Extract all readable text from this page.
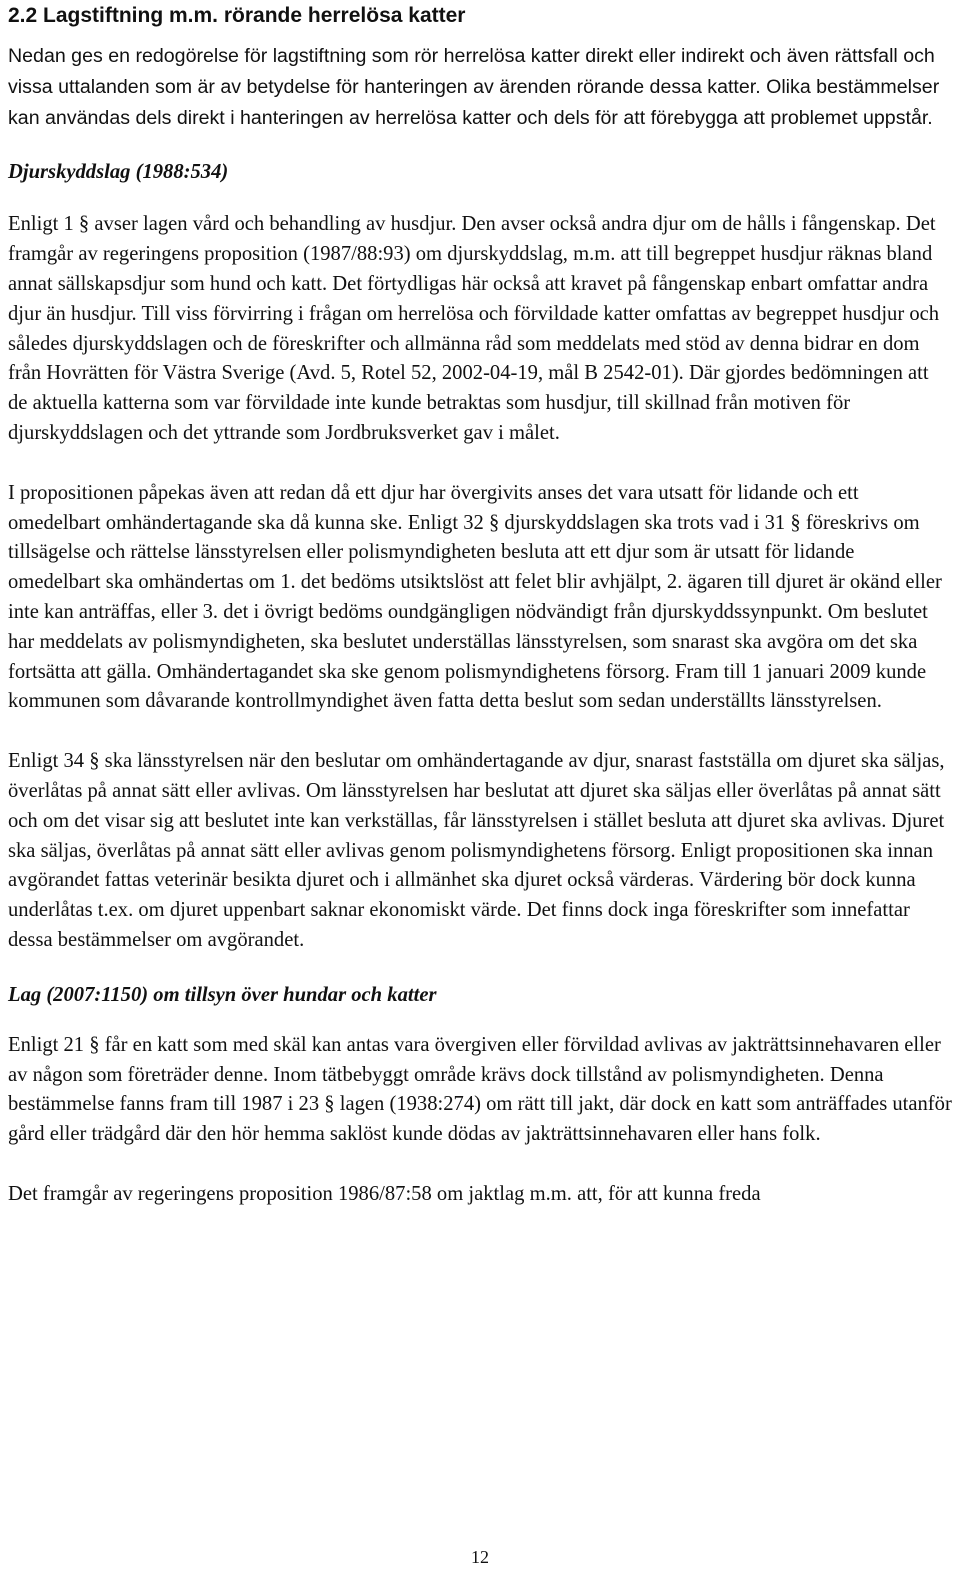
2.2 Lagstiftning m.m. rörande herrelösa katter

Nedan ges en redogörelse för lagstiftning som rör herrelösa katter direkt eller indirekt och även rättsfall och vissa uttalanden som är av betydelse för hanteringen av ärenden rörande dessa katter. Olika bestämmelser kan användas dels direkt i hanteringen av herrelösa katter och dels för att förebygga att problemet uppstår.

Djurskyddslag (1988:534)

Enligt 1 § avser lagen vård och behandling av husdjur. Den avser också andra djur om de hålls i fångenskap. Det framgår av regeringens proposition (1987/88:93) om djurskyddslag, m.m. att till begreppet husdjur räknas bland annat sällskapsdjur som hund och katt. Det förtydligas här också att kravet på fångenskap enbart omfattar andra djur än husdjur. Till viss förvirring i frågan om herrelösa och förvildade katter omfattas av begreppet husdjur och således djurskyddslagen och de föreskrifter och allmänna råd som meddelats med stöd av denna bidrar en dom från Hovrätten för Västra Sverige (Avd. 5, Rotel 52, 2002-04-19, mål B 2542-01). Där gjordes bedömningen att de aktuella katterna som var förvildade inte kunde betraktas som husdjur, till skillnad från motiven för djurskyddslagen och det yttrande som Jordbruksverket gav i målet.

I propositionen påpekas även att redan då ett djur har övergivits anses det vara utsatt för lidande och ett omedelbart omhändertagande ska då kunna ske. Enligt 32 § djurskyddslagen ska trots vad i 31 § föreskrivs om tillsägelse och rättelse länsstyrelsen eller polismyndigheten besluta att ett djur som är utsatt för lidande omedelbart ska omhändertas om 1. det bedöms utsiktslöst att felet blir avhjälpt, 2. ägaren till djuret är okänd eller inte kan anträffas, eller 3. det i övrigt bedöms oundgängligen nödvändigt från djurskyddssynpunkt. Om beslutet har meddelats av polismyndigheten, ska beslutet underställas länsstyrelsen, som snarast ska avgöra om det ska fortsätta att gälla. Omhändertagandet ska ske genom polismyndighetens försorg. Fram till 1 januari 2009 kunde kommunen som dåvarande kontrollmyndighet även fatta detta beslut som sedan underställts länsstyrelsen.

Enligt 34 § ska länsstyrelsen när den beslutar om omhändertagande av djur, snarast fastställa om djuret ska säljas, överlåtas på annat sätt eller avlivas. Om länsstyrelsen har beslutat att djuret ska säljas eller överlåtas på annat sätt och om det visar sig att beslutet inte kan verkställas, får länsstyrelsen i stället besluta att djuret ska avlivas. Djuret ska säljas, överlåtas på annat sätt eller avlivas genom polismyndighetens försorg. Enligt propositionen ska innan avgörandet fattas veterinär besikta djuret och i allmänhet ska djuret också värderas. Värdering bör dock kunna underlåtas t.ex. om djuret uppenbart saknar ekonomiskt värde. Det finns dock inga föreskrifter som innefattar dessa bestämmelser om avgörandet.

Lag (2007:1150) om tillsyn över hundar och katter

Enligt 21 § får en katt som med skäl kan antas vara övergiven eller förvildad avlivas av jakträttsinnehavaren eller av någon som företräder denne. Inom tätbebyggt område krävs dock tillstånd av polismyndigheten. Denna bestämmelse fanns fram till 1987 i 23 § lagen (1938:274) om rätt till jakt, där dock en katt som anträffades utanför gård eller trädgård där den hör hemma saklöst kunde dödas av jakträttsinnehavaren eller hans folk.

Det framgår av regeringens proposition 1986/87:58 om jaktlag m.m. att, för att kunna freda

12
